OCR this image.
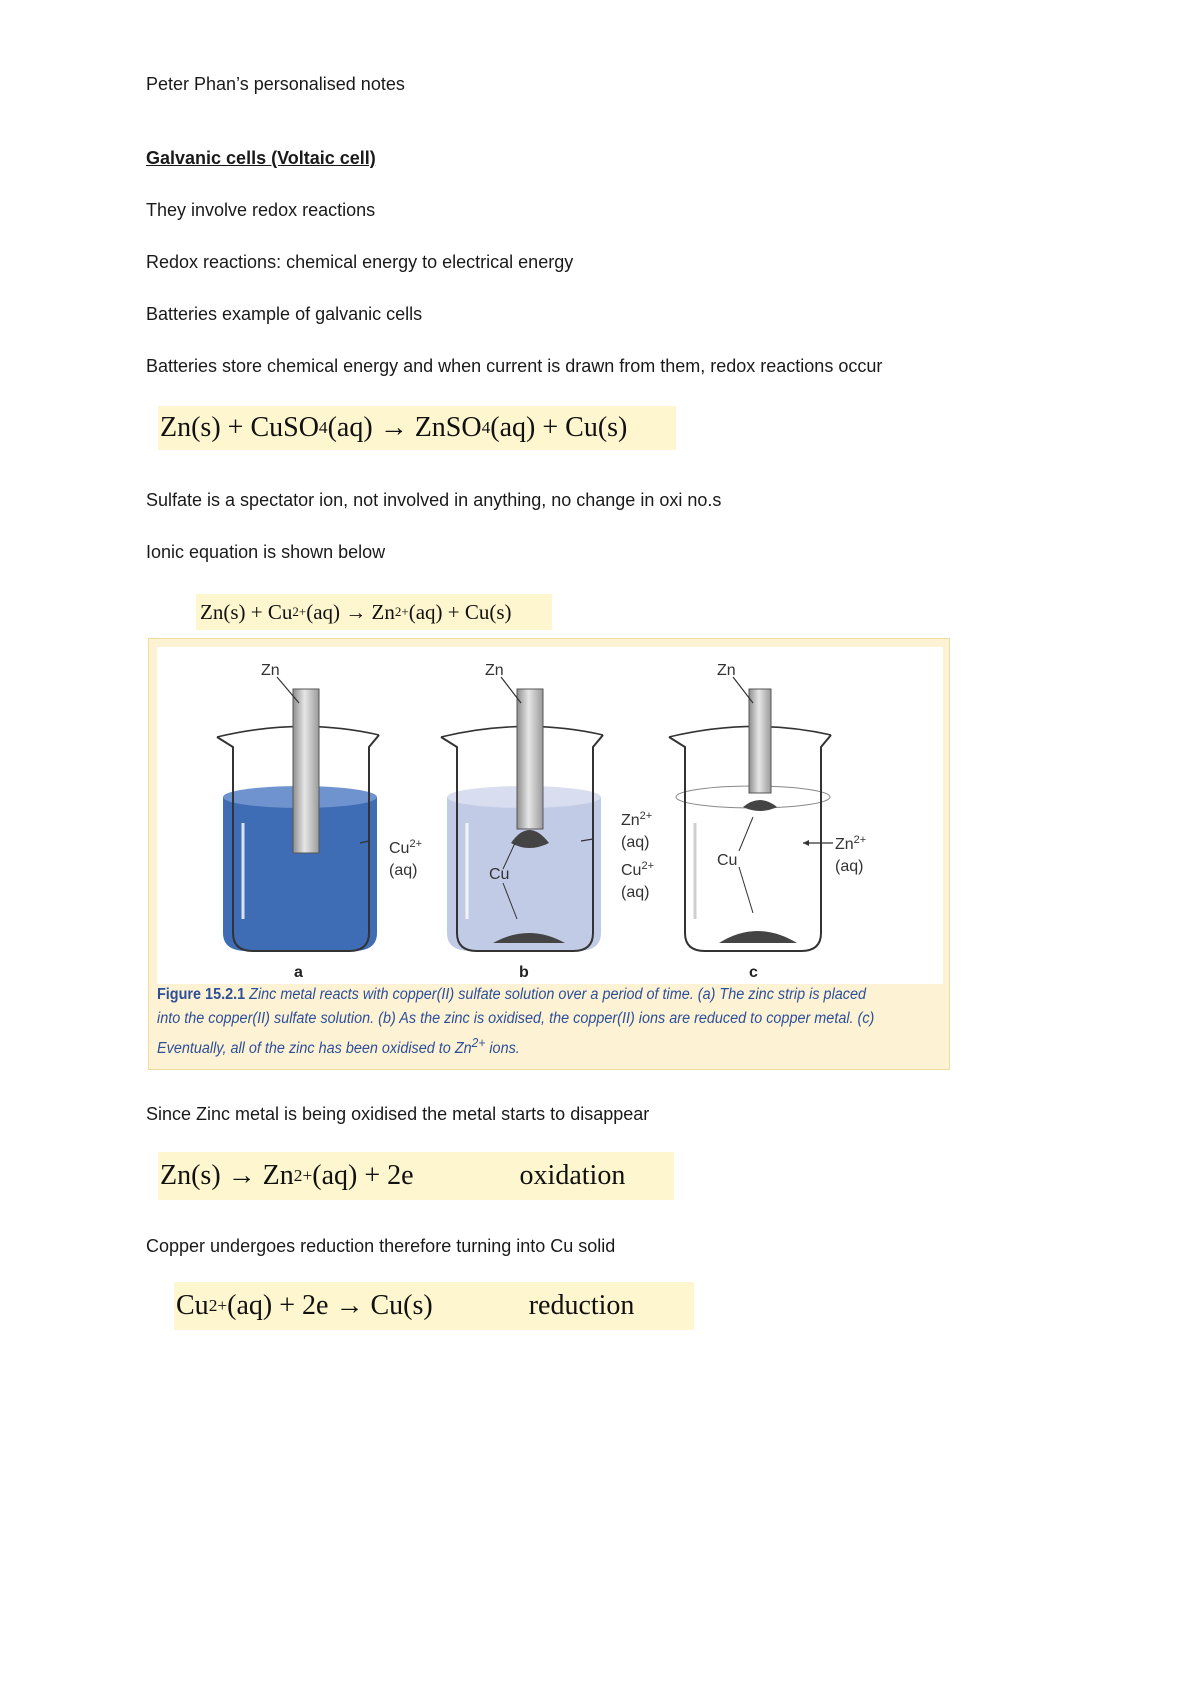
Peter Phan’s personalised notes
Galvanic cells (Voltaic cell)
They involve redox reactions
Redox reactions: chemical energy to electrical energy
Batteries example of galvanic cells
Batteries store chemical energy and when current is drawn from them, redox reactions occur
Zn(s)
+
CuSO 4 (aq)
→
ZnSO 4 (aq)
+
Cu(s)
Sulfate is a spectator ion, not involved in anything, no change in oxi no.s
Ionic equation is shown below
Zn(s) + Cu 2+ (aq) → Zn 2+ (aq) + Cu(s)
Zn	Zn	Zn
$Cu^{2+}$
(aq)
$Zn^{2+}$
(aq)
$Cu^{2+}$
(aq)
Cu
Cu
$Zn^{2+}$
(aq)
a	b	c
Figure 15.2.1 Zinc metal reacts with copper(II) sulfate solution over a period of time. (a) The zinc strip is placed into the copper(II) sulfate solution. (b) As the zinc is oxidised, the copper(II) ions are reduced to copper metal. (c) Eventually, all of the zinc has been oxidised to $Zn^{2+}$ ions.
Since Zinc metal is being oxidised the metal starts to disappear
Zn(s) → Zn 2+ (aq) + 2e	oxidation
Copper undergoes reduction therefore turning into Cu solid
Cu 2+ (aq) + 2e → Cu(s)	reduction
